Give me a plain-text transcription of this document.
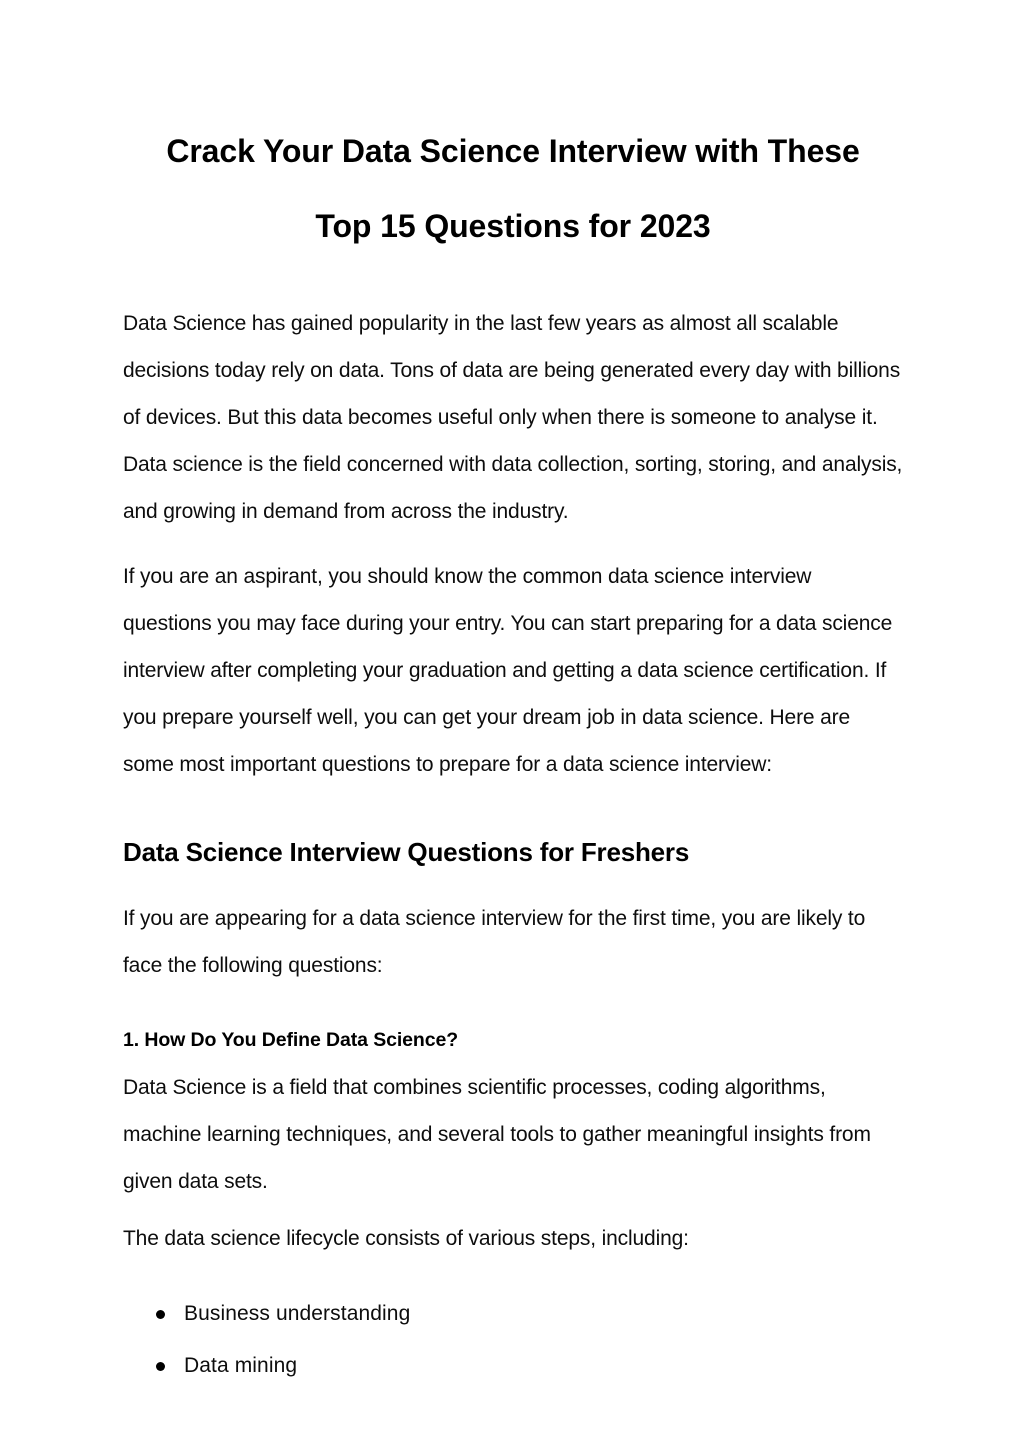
Crack Your Data Science Interview with These
Top 15 Questions for 2023

Data Science has gained popularity in the last few years as almost all scalable decisions today rely on data. Tons of data are being generated every day with billions of devices. But this data becomes useful only when there is someone to analyse it. Data science is the field concerned with data collection, sorting, storing, and analysis, and growing in demand from across the industry.

If you are an aspirant, you should know the common data science interview questions you may face during your entry. You can start preparing for a data science interview after completing your graduation and getting a data science certification. If you prepare yourself well, you can get your dream job in data science. Here are some most important questions to prepare for a data science interview:

Data Science Interview Questions for Freshers

If you are appearing for a data science interview for the first time, you are likely to face the following questions:

1. How Do You Define Data Science?

Data Science is a field that combines scientific processes, coding algorithms, machine learning techniques, and several tools to gather meaningful insights from given data sets.

The data science lifecycle consists of various steps, including:

Business understanding
Data mining
